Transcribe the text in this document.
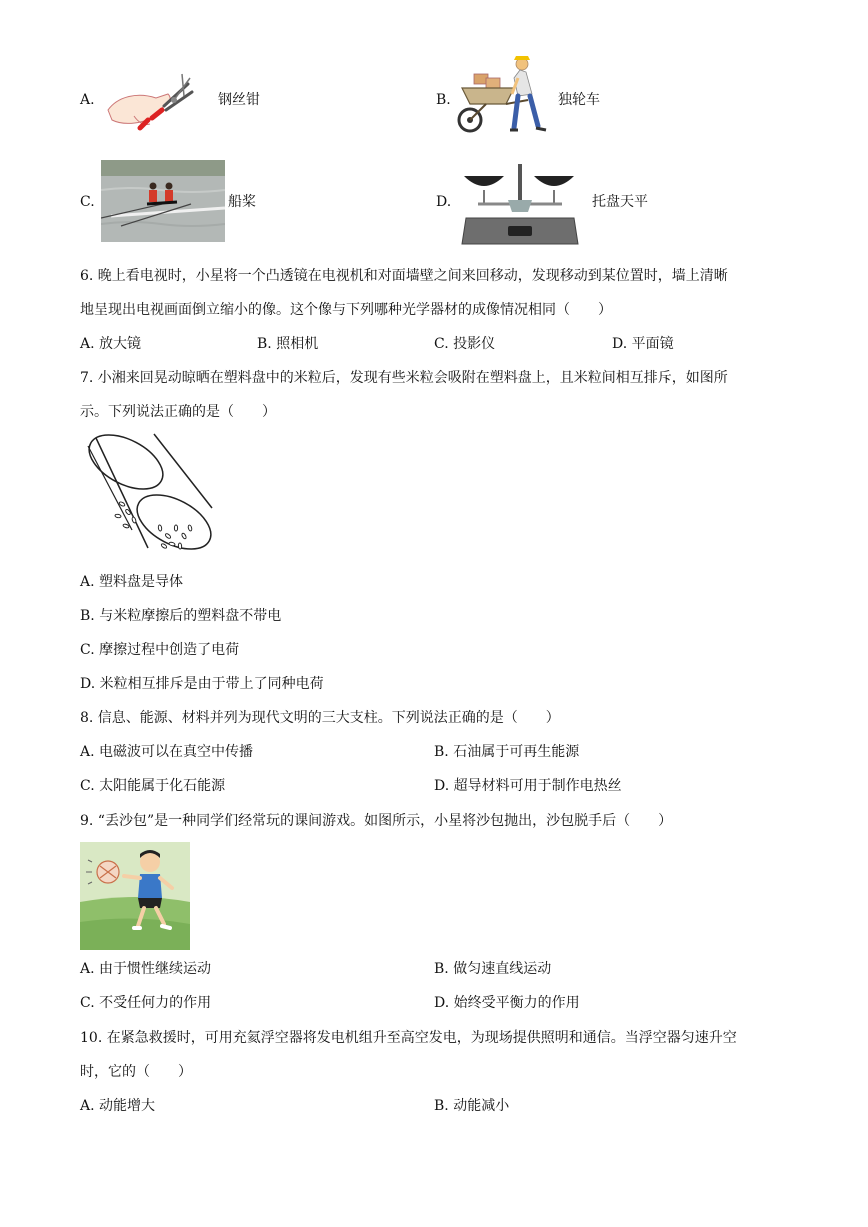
A.	钢丝钳	B.	独轮车
C.	船桨	D.	托盘天平
6. 晚上看电视时，小星将一个凸透镜在电视机和对面墙壁之间来回移动，发现移动到某位置时，墙上清晰
地呈现出电视画面倒立缩小的像。这个像与下列哪种光学器材的成像情况相同（　　）
A. 放大镜	B. 照相机	C. 投影仪	D. 平面镜
7. 小湘来回晃动晾晒在塑料盘中的米粒后，发现有些米粒会吸附在塑料盘上，且米粒间相互排斥，如图所
示。下列说法正确的是（　　）
A. 塑料盘是导体
B. 与米粒摩擦后的塑料盘不带电
C. 摩擦过程中创造了电荷
D. 米粒相互排斥是由于带上了同种电荷
8. 信息、能源、材料并列为现代文明的三大支柱。下列说法正确的是（　　）
A. 电磁波可以在真空中传播	B. 石油属于可再生能源
C. 太阳能属于化石能源	D. 超导材料可用于制作电热丝
9. “丢沙包”是一种同学们经常玩的课间游戏。如图所示，小星将沙包抛出，沙包脱手后（　　）
A. 由于惯性继续运动	B. 做匀速直线运动
C. 不受任何力的作用	D. 始终受平衡力的作用
10. 在紧急救援时，可用充氦浮空器将发电机组升至高空发电，为现场提供照明和通信。当浮空器匀速升空
时，它的（　　）
A. 动能增大	B. 动能减小
